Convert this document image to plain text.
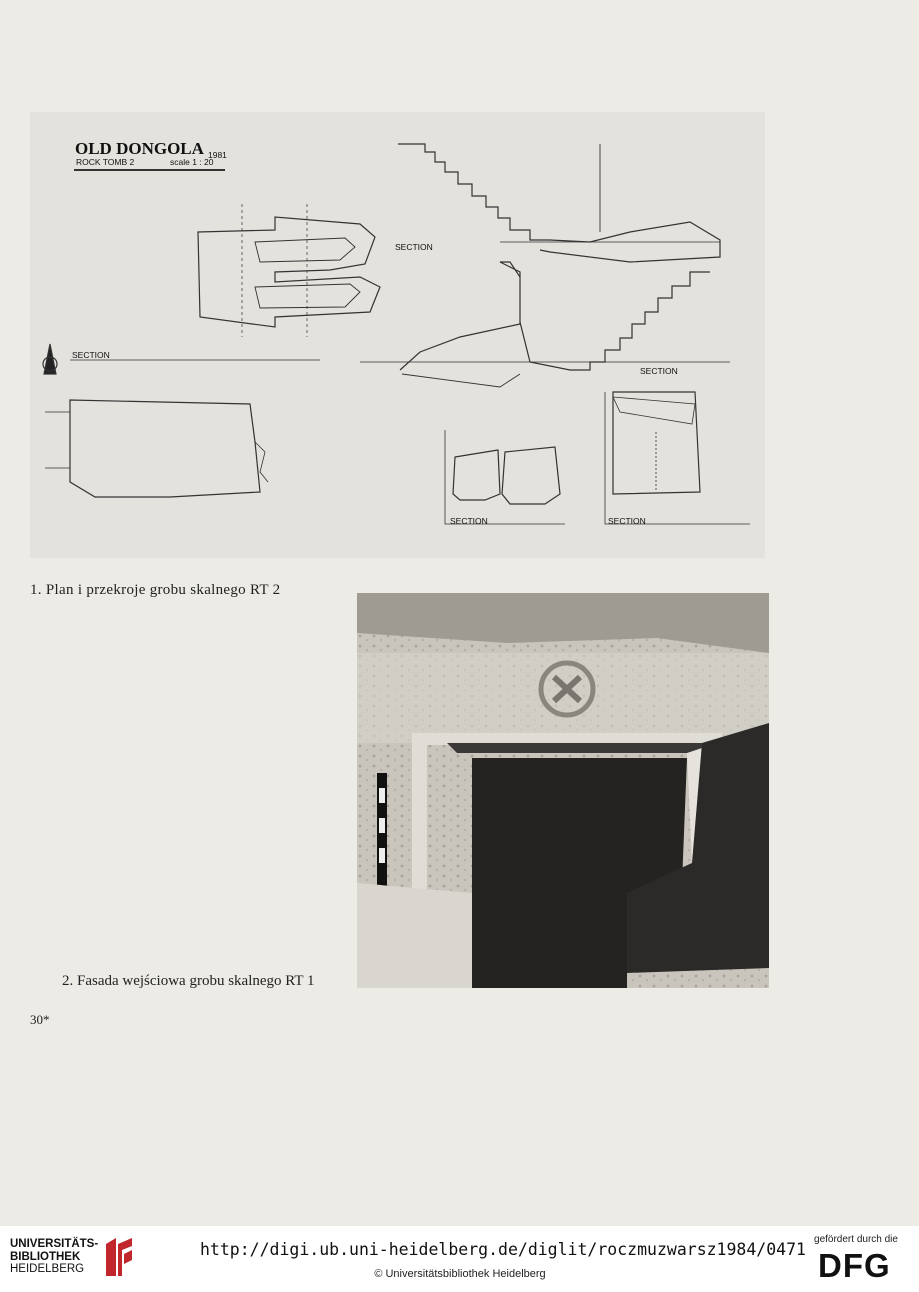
OLD DONGOLA 1981
ROCK TOMB 2	scale 1 : 20
SECTION
SECTION
SECTION
SECTION	SECTION
1. Plan i przekroje grobu skalnego RT 2
2. Fasada wejściowa grobu skalnego RT 1
30*
UNIVERSITÄTS-
BIBLIOTHEK
HEIDELBERG
http://digi.ub.uni-heidelberg.de/diglit/roczmuzwarsz1984/0471
© Universitätsbibliothek Heidelberg
gefördert durch die
DFG
